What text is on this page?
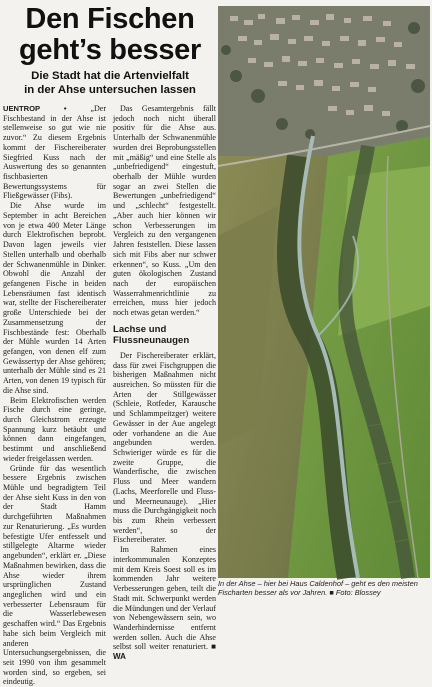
Den Fischen
geht’s besser
Die Stadt hat die Artenvielfalt
in der Ahse untersuchen lassen

UENTROP	•	„Der Fischbestand in der Ahse ist stellenweise so gut wie nie zuvor.“ Zu diesem Ergebnis kommt der Fischereiberater Siegfried Kuss nach der Auswertung des so genannten fischbasierten Bewertungssystems für Fließgewässer (Fibs).

Die Ahse wurde im September in acht Bereichen von je etwa 400 Meter Länge durch Elektrofischen beprobt. Davon lagen jeweils vier Stellen unterhalb und oberhalb der Schwanenmühle in Dinker. Obwohl die Anzahl der gefangenen Fische in beiden Lebensräumen fast identisch war, stellte der Fischereiberater große Unterschiede bei der Zusammensetzung der Fischbestände fest: Oberhalb der Mühle wurden 14 Arten gefangen, von denen elf zum Gewässertyp der Ahse gehören; unterhalb der Mühle sind es 21 Arten, von denen 19 typisch für die Ahse sind.

Beim Elektrofischen werden Fische durch eine geringe, durch Gleichstrom erzeugte Spannung kurz betäubt und können dann eingefangen, bestimmt und anschließend wieder freigelassen werden.

Gründe für das wesentlich bessere Ergebnis zwischen Mühle und begradigtem Teil der Ahse sieht Kuss in den von der Stadt Hamm durchgeführten Maßnahmen zur Renaturierung. „Es wurden befestigte Ufer entfesselt und stillgelegte Altarme wieder angebunden“, erklärt er. „Diese Maßnahmen bewirken, dass die Ahse wieder ihrem ursprünglichen Zustand angeglichen wird und ein verbesserter Lebensraum für die Wasserlebewesen geschaffen wird.“ Das Ergebnis habe sich beim Vergleich mit anderen Untersuchungsergebnissen, die seit 1990 von ihm gesammelt worden sind, so ergeben, sei eindeutig.

Das Gesamtergebnis fällt jedoch noch nicht überall positiv für die Ahse aus. Unterhalb der Schwanenmühle wurden drei Beprobungsstellen mit „mäßig“ und eine Stelle als „unbefriedigend“ eingestuft, oberhalb der Mühle wurden sogar an zwei Stellen die Bewertungen „unbefriedigend“ und „schlecht“ festgestellt. „Aber auch hier können wir schon Verbesserungen im Vergleich zu den vergangenen Jahren feststellen. Diese lassen sich mit Fibs aber nur schwer erkennen“, so Kuss. „Um den guten ökologischen Zustand nach der europäischen Wasserrahmenrichtlinie zu erreichen, muss hier jedoch noch etwas getan werden.“

Lachse und
Flussneunaugen

Der Fischereiberater erklärt, dass für zwei Fischgruppen die bisherigen Maßnahmen nicht ausreichen. So müssten für die Arten der Stillgewässer (Schleie, Rotfeder, Karausche und Schlammpeitzger) weitere Gewässer in der Aue angelegt oder vorhandene an die Aue angebunden werden. Schwieriger würde es für die zweite Gruppe, die Wanderfische, die zwischen Fluss und Meer wandern (Lachs, Meerforelle und Fluss- und Meerneunauge). „Hier muss die Durchgängigkeit noch bis zum Rhein verbessert werden“, so der Fischereiberater.

Im Rahmen eines interkommunalen Konzeptes mit dem Kreis Soest soll es im kommenden Jahr weitere Verbesserungen geben, teilt die Stadt mit. Schwerpunkt werden die Mündungen und der Verlauf von Nebengewässern sein, wo Wanderhindernisse entfernt werden sollen. Auch die Ahse selbst soll weiter renaturiert. ■ WA

In der Ahse – hier bei Haus Caldenhof – geht es den meisten Fischarten besser als vor Jahren. ■ Foto: Blossey
